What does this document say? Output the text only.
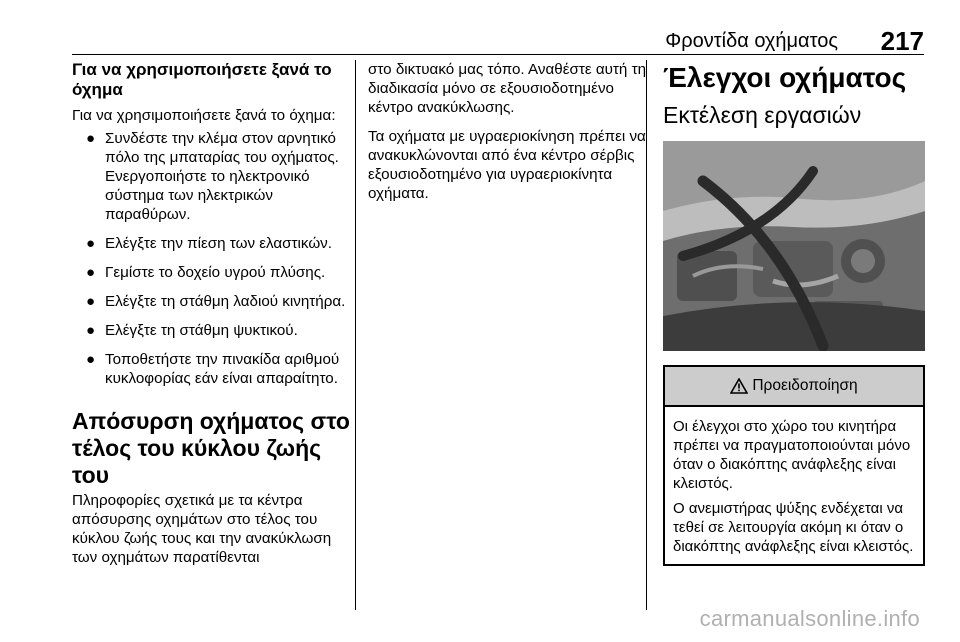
Φροντίδα οχήματος 217
Για να χρησιμοποιήσετε ξανά το όχημα

Για να χρησιμοποιήσετε ξανά το όχημα:

● Συνδέστε την κλέμα στον αρνητικό πόλο της μπαταρίας του οχήματος. Ενεργοποιήστε το ηλεκτρονικό σύστημα των ηλεκτρικών παραθύρων.
● Ελέγξτε την πίεση των ελαστικών.
● Γεμίστε το δοχείο υγρού πλύσης.
● Ελέγξτε τη στάθμη λαδιού κινητήρα.
● Ελέγξτε τη στάθμη ψυκτικού.
● Τοποθετήστε την πινακίδα αριθμού κυκλοφορίας εάν είναι απαραίτητο.
Απόσυρση οχήματος στο τέλος του κύκλου ζωής του

Πληροφορίες σχετικά με τα κέντρα απόσυρσης οχημάτων στο τέλος του κύκλου ζωής τους και την ανακύκλωση των οχημάτων παρατίθενται

στο δικτυακό μας τόπο. Αναθέστε αυτή τη διαδικασία μόνο σε εξουσιοδοτημένο κέντρο ανακύκλωσης.

Τα οχήματα με υγραεριοκίνηση πρέπει να ανακυκλώνονται από ένα κέντρο σέρβις εξουσιοδοτημένο για υγραεριοκίνητα οχήματα.

Έλεγχοι οχήματος
Εκτέλεση εργασιών
Προειδοποίηση

Οι έλεγχοι στο χώρο του κινητήρα πρέπει να πραγματοποιούνται μόνο όταν ο διακόπτης ανάφλεξης είναι κλειστός.

Ο ανεμιστήρας ψύξης ενδέχεται να τεθεί σε λειτουργία ακόμη κι όταν ο διακόπτης ανάφλεξης είναι κλειστός.

carmanualsonline.info
